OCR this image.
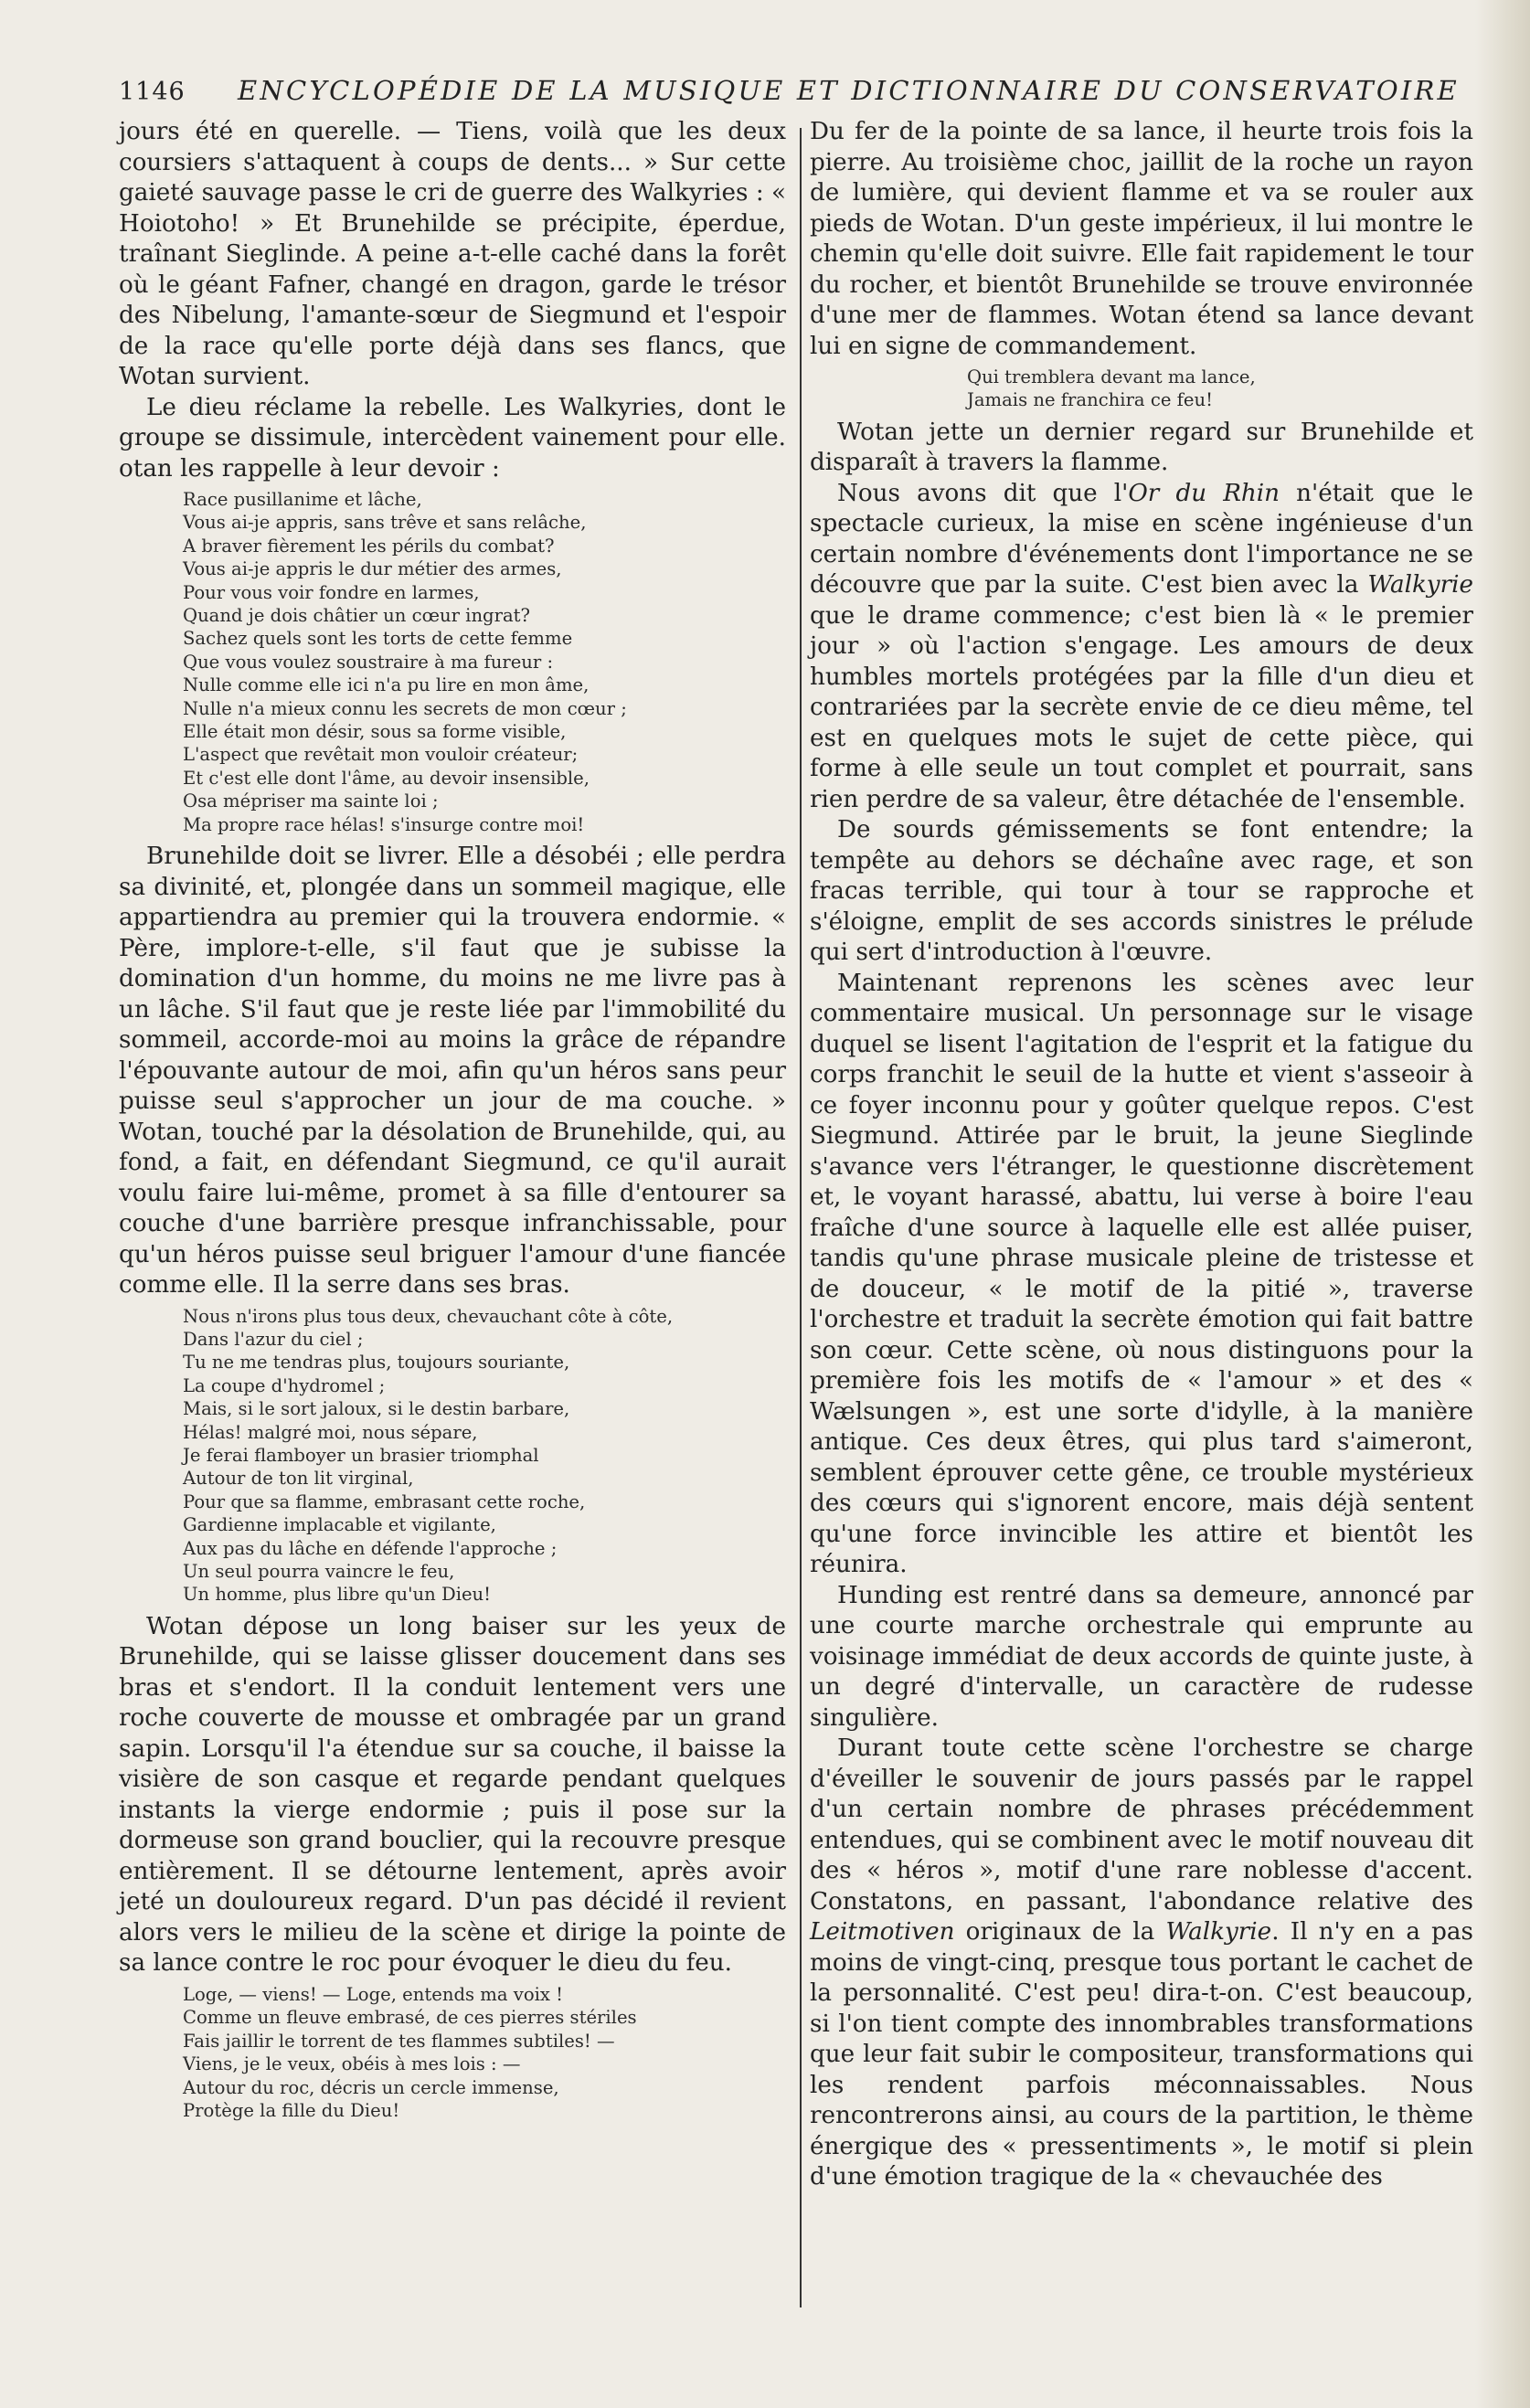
1146	ENCYCLOPÉDIE DE LA MUSIQUE ET DICTIONNAIRE DU CONSERVATOIRE

jours été en querelle. — Tiens, voilà que les deux coursiers s'attaquent à coups de dents... » Sur cette gaieté sauvage passe le cri de guerre des Walkyries : « Hoiotoho! » Et Brunehilde se précipite, éperdue, traînant Sieglinde. A peine a-t-elle caché dans la forêt où le géant Fafner, changé en dragon, garde le trésor des Nibelung, l'amante-sœur de Siegmund et l'espoir de la race qu'elle porte déjà dans ses flancs, que Wotan survient.

Le dieu réclame la rebelle. Les Walkyries, dont le groupe se dissimule, intercèdent vainement pour elle. otan les rappelle à leur devoir :

Race pusillanime et lâche,
Vous ai-je appris, sans trêve et sans relâche,
A braver fièrement les périls du combat?
Vous ai-je appris le dur métier des armes,
Pour vous voir fondre en larmes,
Quand je dois châtier un cœur ingrat?
Sachez quels sont les torts de cette femme
Que vous voulez soustraire à ma fureur :
Nulle comme elle ici n'a pu lire en mon âme,
Nulle n'a mieux connu les secrets de mon cœur ;
Elle était mon désir, sous sa forme visible,
L'aspect que revêtait mon vouloir créateur;
Et c'est elle dont l'âme, au devoir insensible,
Osa mépriser ma sainte loi ;
Ma propre race hélas! s'insurge contre moi!

Brunehilde doit se livrer. Elle a désobéi ; elle perdra sa divinité, et, plongée dans un sommeil magique, elle appartiendra au premier qui la trouvera endormie. « Père, implore-t-elle, s'il faut que je subisse la domination d'un homme, du moins ne me livre pas à un lâche. S'il faut que je reste liée par l'immobilité du sommeil, accorde-moi au moins la grâce de répandre l'épouvante autour de moi, afin qu'un héros sans peur puisse seul s'approcher un jour de ma couche. » Wotan, touché par la désolation de Brunehilde, qui, au fond, a fait, en défendant Siegmund, ce qu'il aurait voulu faire lui-même, promet à sa fille d'entourer sa couche d'une barrière presque infranchissable, pour qu'un héros puisse seul briguer l'amour d'une fiancée comme elle. Il la serre dans ses bras.

Nous n'irons plus tous deux, chevauchant côte à côte,
Dans l'azur du ciel ;
Tu ne me tendras plus, toujours souriante,
La coupe d'hydromel ;
Mais, si le sort jaloux, si le destin barbare,
Hélas! malgré moi, nous sépare,
Je ferai flamboyer un brasier triomphal
Autour de ton lit virginal,
Pour que sa flamme, embrasant cette roche,
Gardienne implacable et vigilante,
Aux pas du lâche en défende l'approche ;
Un seul pourra vaincre le feu,
Un homme, plus libre qu'un Dieu!

Wotan dépose un long baiser sur les yeux de Brunehilde, qui se laisse glisser doucement dans ses bras et s'endort. Il la conduit lentement vers une roche couverte de mousse et ombragée par un grand sapin. Lorsqu'il l'a étendue sur sa couche, il baisse la visière de son casque et regarde pendant quelques instants la vierge endormie ; puis il pose sur la dormeuse son grand bouclier, qui la recouvre presque entièrement. Il se détourne lentement, après avoir jeté un douloureux regard. D'un pas décidé il revient alors vers le milieu de la scène et dirige la pointe de sa lance contre le roc pour évoquer le dieu du feu.

Loge, — viens! — Loge, entends ma voix !
Comme un fleuve embrasé, de ces pierres stériles
Fais jaillir le torrent de tes flammes subtiles! —
Viens, je le veux, obéis à mes lois : —
Autour du roc, décris un cercle immense,
Protège la fille du Dieu!

Du fer de la pointe de sa lance, il heurte trois fois la pierre. Au troisième choc, jaillit de la roche un rayon de lumière, qui devient flamme et va se rouler aux pieds de Wotan. D'un geste impérieux, il lui montre le chemin qu'elle doit suivre. Elle fait rapidement le tour du rocher, et bientôt Brunehilde se trouve environnée d'une mer de flammes. Wotan étend sa lance devant lui en signe de commandement.

Qui tremblera devant ma lance,
Jamais ne franchira ce feu!

Wotan jette un dernier regard sur Brunehilde et disparaît à travers la flamme.

Nous avons dit que l'Or du Rhin n'était que le spectacle curieux, la mise en scène ingénieuse d'un certain nombre d'événements dont l'importance ne se découvre que par la suite. C'est bien avec la Walkyrie que le drame commence; c'est bien là « le premier jour » où l'action s'engage. Les amours de deux humbles mortels protégées par la fille d'un dieu et contrariées par la secrète envie de ce dieu même, tel est en quelques mots le sujet de cette pièce, qui forme à elle seule un tout complet et pourrait, sans rien perdre de sa valeur, être détachée de l'ensemble.

De sourds gémissements se font entendre; la tempête au dehors se déchaîne avec rage, et son fracas terrible, qui tour à tour se rapproche et s'éloigne, emplit de ses accords sinistres le prélude qui sert d'introduction à l'œuvre.

Maintenant reprenons les scènes avec leur commentaire musical. Un personnage sur le visage duquel se lisent l'agitation de l'esprit et la fatigue du corps franchit le seuil de la hutte et vient s'asseoir à ce foyer inconnu pour y goûter quelque repos. C'est Siegmund. Attirée par le bruit, la jeune Sieglinde s'avance vers l'étranger, le questionne discrètement et, le voyant harassé, abattu, lui verse à boire l'eau fraîche d'une source à laquelle elle est allée puiser, tandis qu'une phrase musicale pleine de tristesse et de douceur, « le motif de la pitié », traverse l'orchestre et traduit la secrète émotion qui fait battre son cœur. Cette scène, où nous distinguons pour la première fois les motifs de « l'amour » et des « Wælsungen », est une sorte d'idylle, à la manière antique. Ces deux êtres, qui plus tard s'aimeront, semblent éprouver cette gêne, ce trouble mystérieux des cœurs qui s'ignorent encore, mais déjà sentent qu'une force invincible les attire et bientôt les réunira.

Hunding est rentré dans sa demeure, annoncé par une courte marche orchestrale qui emprunte au voisinage immédiat de deux accords de quinte juste, à un degré d'intervalle, un caractère de rudesse singulière.

Durant toute cette scène l'orchestre se charge d'éveiller le souvenir de jours passés par le rappel d'un certain nombre de phrases précédemment entendues, qui se combinent avec le motif nouveau dit des « héros », motif d'une rare noblesse d'accent. Constatons, en passant, l'abondance relative des Leitmotiven originaux de la Walkyrie. Il n'y en a pas moins de vingt-cinq, presque tous portant le cachet de la personnalité. C'est peu! dira-t-on. C'est beaucoup, si l'on tient compte des innombrables transformations que leur fait subir le compositeur, transformations qui les rendent parfois méconnaissables. Nous rencontrerons ainsi, au cours de la partition, le thème énergique des « pressentiments », le motif si plein d'une émotion tragique de la « chevauchée des
